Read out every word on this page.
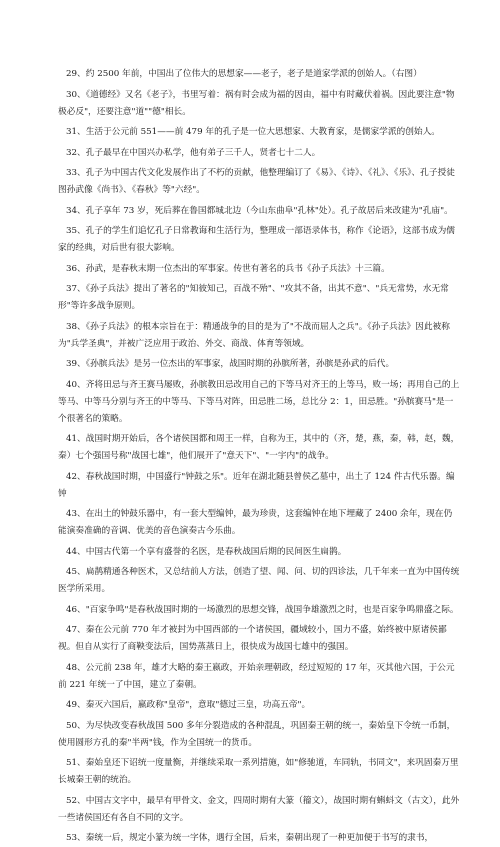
29、约 2500 年前，中国出了位伟大的思想家——老子，老子是道家学派的创始人。（右图）

30、《道德经》又名《老子》，书里写着：祸有时会成为福的因由，福中有时藏伏着祸。因此要注意"物极必反"，还要注意"道""德"相长。

31、生活于公元前 551——前 479 年的孔子是一位大思想家、大教育家，是儒家学派的创始人。

32、孔子最早在中国兴办私学，他有弟子三千人，贤者七十二人。

33、孔子为中国古代文化发展作出了不朽的贡献，他整理编订了《易》、《诗》、《礼》、《乐》、孔子授徒图孙武像《尚书》、《春秋》等"六经"。

34、孔子享年 73 岁，死后葬在鲁国都城北边（今山东曲阜"孔林"处）。孔子故居后来改建为"孔庙"。

35、孔子的学生们追忆孔子日常教诲和生活行为，整理成一部语录体书，称作《论语》，这部书成为儒家的经典，对后世有很大影响。

36、孙武，是春秋末期一位杰出的军事家。传世有著名的兵书《孙子兵法》十三篇。

37、《孙子兵法》提出了著名的"知彼知己，百战不殆"、"攻其不备，出其不意"、"兵无常势，水无常形"等许多战争原则。

38、《孙子兵法》的根本宗旨在于：精通战争的目的是为了"不战而屈人之兵"。《孙子兵法》因此被称为"兵学圣典"，并被广泛应用于政治、外交、商战、体育等领域。

39、《孙膑兵法》是另一位杰出的军事家，战国时期的孙膑所著，孙膑是孙武的后代。

40、齐将田忌与齐王赛马屡败，孙膑教田忌改用自己的下等马对齐王的上等马，败一场；再用自己的上等马、中等马分别与齐王的中等马、下等马对阵，田忌胜二场，总比分 2：1，田忌胜。"孙膑赛马"是一个很著名的策略。

41、战国时期开始后，各个诸侯国都和周王一样，自称为王，其中的（齐，楚，燕，秦，韩，赵，魏，秦）七个强国号称"战国七雄"，他们展开了"意天下"、"一宇内"的战争。

42、春秋战国时期，中国盛行"钟鼓之乐"。近年在湖北随县曾侯乙墓中，出土了 124 件古代乐器。编钟

43、在出土的钟鼓乐器中，有一套大型编钟，最为珍贵，这套编钟在地下埋藏了 2400 余年，现在仍能演奏准确的音调、优美的音色演奏古今乐曲。

44、中国古代第一个享有盛誉的名医，是春秋战国后期的民间医生扁鹊。

45、扁鹊精通各种医术，又总结前人方法，创造了望、闻、问、切的四诊法，几千年来一直为中国传统医学所采用。

46、"百家争鸣"是春秋战国时期的一场激烈的思想交锋，战国争雄激烈之时，也是百家争鸣鼎盛之际。

47、秦在公元前 770 年才被封为中国西部的一个诸侯国，疆域较小，国力不盛，始终被中原诸侯鄙视。但自从实行了商鞅变法后，国势蒸蒸日上，很快成为战国七雄中的强国。

48、公元前 238 年，雄才大略的秦王嬴政，开始亲理朝政，经过短短的 17 年，灭其他六国，于公元前 221 年统一了中国，建立了秦朝。

49、秦灭六国后，嬴政称"皇帝"，意取"德过三皇，功高五帝"。

50、为尽快改变春秋战国 500 多年分裂造成的各种混乱，巩固秦王朝的统一，秦始皇下令统一币制，使用圆形方孔的秦"半两"钱，作为全国统一的货币。

51、秦始皇还下诏统一度量衡，并继续采取一系列措施，如"修驰道，车同轨，书同文"，来巩固秦万里长城秦王朝的统治。

52、中国古文字中，最早有甲骨文、金文，四周时期有大篆（籀文），战国时期有蝌蚪文（古文），此外一些诸侯国还有各自不同的文字。

53、秦统一后，规定小篆为统一字体，遇行全国，后来，秦朝出现了一种更加便于书写的隶书，
